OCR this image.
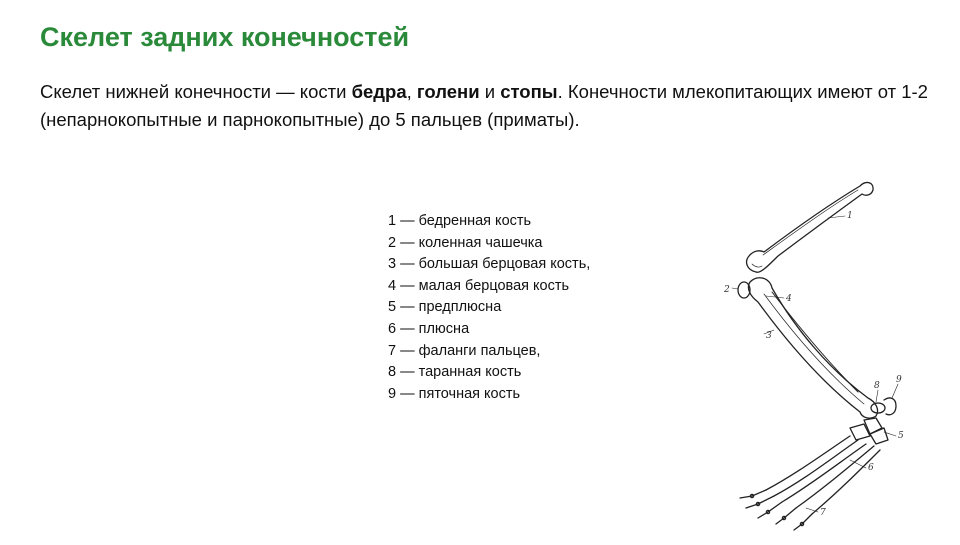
Скелет задних конечностей

Скелет нижней конечности — кости бедра, голени и стопы. Конечности млекопитающих имеют от 1-2 (непарнокопытные и парнокопытные) до 5 пальцев (приматы).

1 — бедренная кость
2 — коленная чашечка
3 — большая берцовая кость,
4 — малая берцовая кость
5 — предплюсна
6 — плюсна
7 — фаланги пальцев,
8 — таранная кость
9 — пяточная кость
1
2
3
4
5
6
7
8
9
